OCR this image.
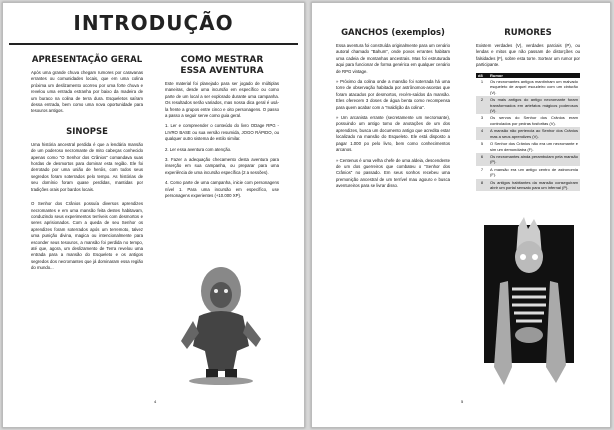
INTRODUÇÃO
APRESENTAÇÃO GERAL

Após uma grande chuva chegam rumores por caravanas errantes ou comunidades locais, que em uma colina próxima um deslizamento ocorreu por uma forte chuva e revelou uma entrada estranha por baixo da madeira de um buraco na colina de terra dura. Esqueletos saíram dessa entrada, bem como uma nova oportunidade para tesouros antigos.

SINOPSE

Uma história ancestral perdida é que a lendária mansão de um poderoso necromante de mito cabeças conhecido apenas como "O Senhor dos Crânios" comandava suas hordas de desmortos para dominar esta região. Ele foi derrotado por uma união de heróis, com todos seus segredos foram soterrados pelo tempo. As histórias de seu domínio foram quase perdidas, mantidas por tradições orais por bardos locais.

O Senhor dos Crânios possuía diversos aprendizes necromantes e em uma mansão feita destes habitavam, conduzindo seus experimentos terríveis com desmortos e seres aprisionados. Com a queda de seu Senhor os aprendizes foram soterrados após um terremoto, talvez uma punição divina, magica ou intencionalmente para esconder seus tesouros, a mansão foi perdida no tempo, até que, agora, um deslizamento de Terra revelou uma entrada para a mansão do Esqueleto e os antigos segredos dos necromantes que já dominaram essa região do mundo...

COMO MESTRAR ESSA AVENTURA

Este material foi planejado para ser jogado de múltiplas maneiras, desde uma incursão em específico ou como parte de um local a ser explorado durante uma campanha. Os resultados serão variados, mas nossa dica geral é usá-la frente a grupos entre cinco e oito personagens. O passo a passo a seguir serve como guia geral.

1. Ler e compreender o conteúdo do livro ODage RPG - LIVRO BASE ou sua versão resumida, JOGO RÁPIDO, ou qualquer outro sistema de estilo similar.

2. Ler essa aventura com atenção.

3. Fazer a adequação checamento desta aventura para inserção em sua campanha, ou preparar para uma experiência de uma incursão específica (2 a sessões).

4. Como parte de uma campanha, inicie com personagens nível 1. Para uma incursão em específico, use personagens experientes (+10.000 XP).

4
GANCHOS (exemplos)

Essa aventura foi construída originalmente para um cenário autoral chamado "Bahum", onde povos errantes habitam uma cadeia de montanhas ancestrais. Mas foi estruturada aqui para funcionar de forma genérica em qualquer cenário de RPG vintage.

» Próximo da colina onde a mansão foi soterrada há uma torre de observação habitada por astrônomos-ascetas que foram atacados por desmortos, recém-saídos da mansão. Eles oferecem 3 doses de água benta como recompensa para quem acabar com a "maldição da colina".

» Um arcanista errante (secretamente um necromante), possuindo um antigo tomo de anotações de um dos aprendizes, busca um documento antigo que acredita estar localizado na mansão do Esqueleto. Ele está disposto a pagar 1.000 po pelo livro, bem como conhecimentos arcanos.

» Centenus é uma velha chefe de uma aldeia, descendente de um dos guerreiros que combateu o "Senhor dos Crânios" no passado. Em seus sonhos recebeu uma premonição ancestral de um terrível mau agouro e busca aventureiros para se livrar disso.

RUMORES

Existem verdades (V), verdades parciais (P), ou lendas e mitos que não passam de distorções ou falsidades (F), sobre esta torre. Sortear um rumor por participante.

d8	Rumor
1	Os necromantes antigos mantinham um malvado esqueleto de arquei escudeiro com um cinturão (V).
2	Os mais antigos do antigo necromante foram transformados em artefatos mágicos poderosos (V).
3	Os servos do Senhor dos Crânios eram controlados por pedras fosforitas (V).
4	A mansão não pertencia ao Senhor dos Crânios mas a seus aprendizes (V).
5	O Senhor dos Crânios não era um necromante e sim um demonólatra (F).
6	Os necromantes ainda perambulam pela mansão (P).
7	A mansão era um antigo centro de astronomia (F).
8	Os antigos habitantes da mansão conseguiram abrir um portal sensato para um infernal (P).
5
